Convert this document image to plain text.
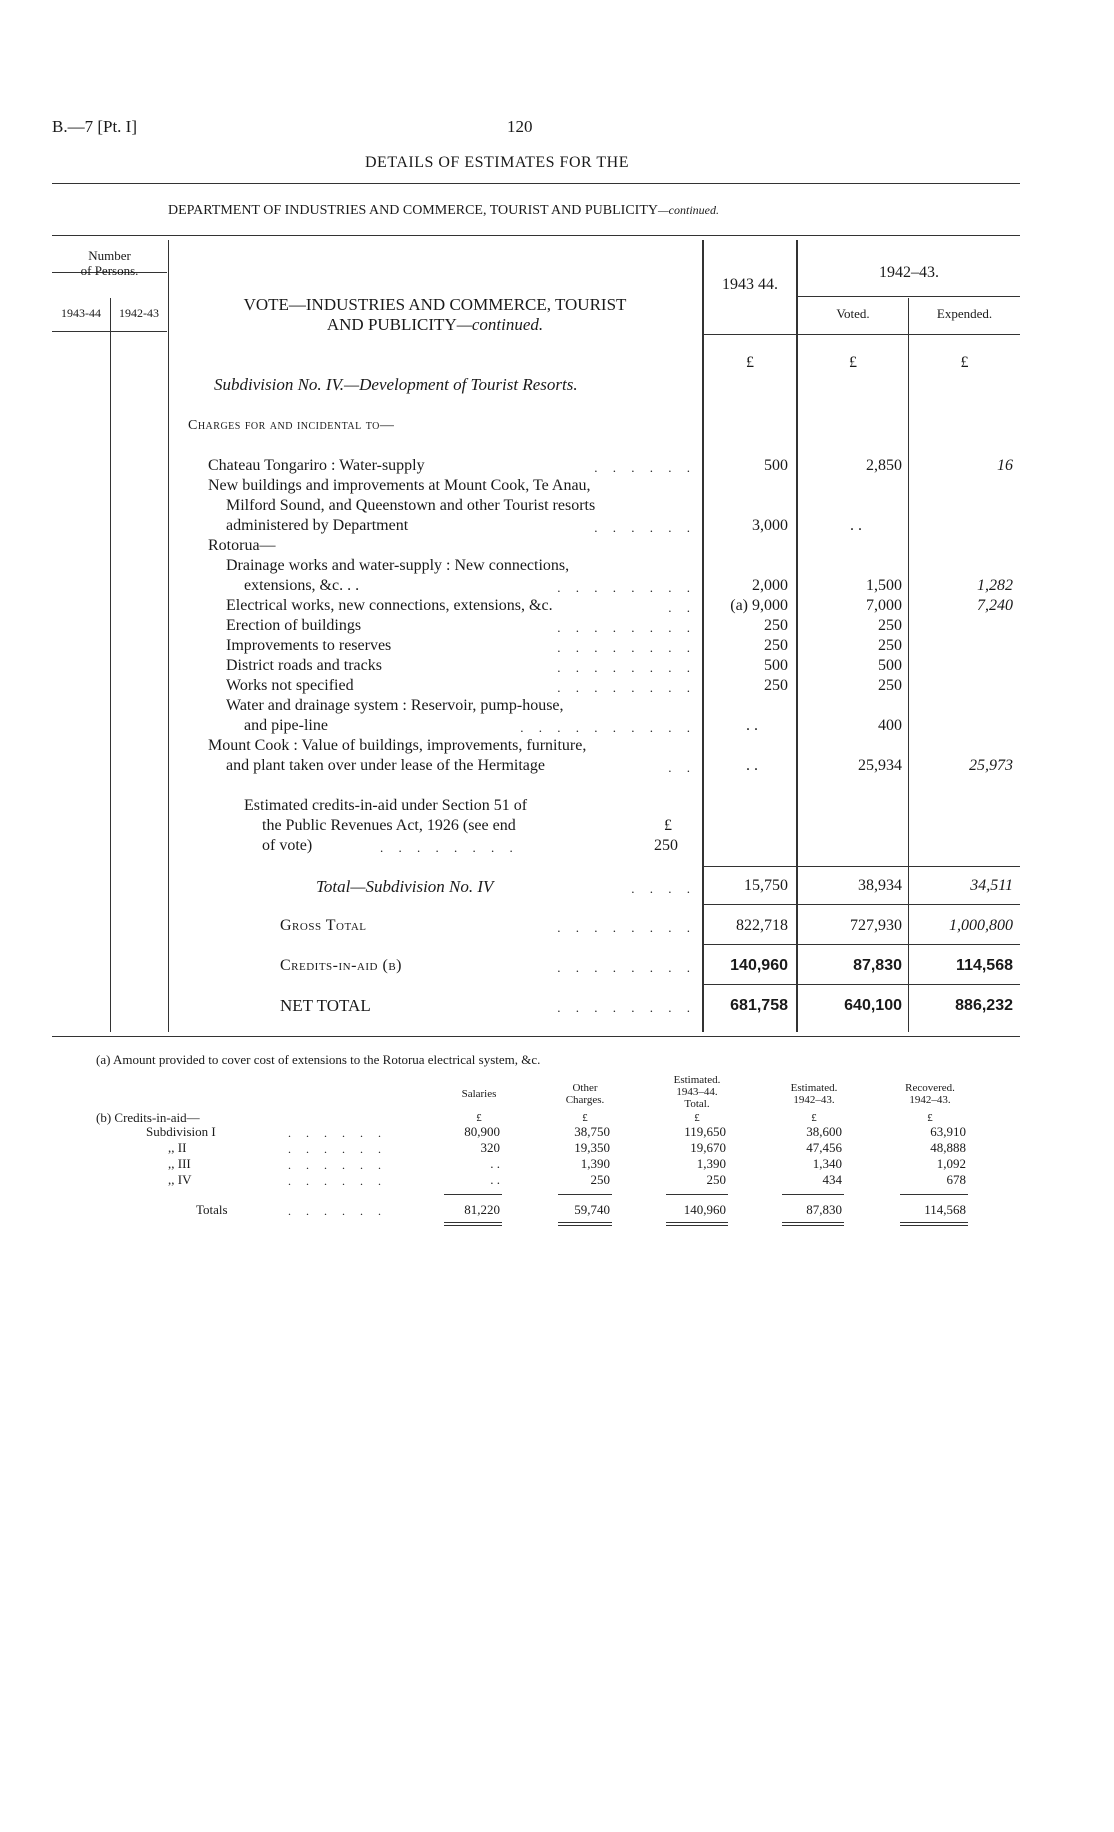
B.—7 [Pt. I]	120
DETAILS OF ESTIMATES FOR THE
DEPARTMENT OF INDUSTRIES AND COMMERCE, TOURIST AND PUBLICITY—continued.
Number
of Persons.
1943-44	1942-43	VOTE—INDUSTRIES AND COMMERCE, TOURIST
AND PUBLICITY—continued.
1943 44.
1942–43.
Voted.	Expended.
£	£	£
Subdivision No. IV.—Development of Tourist Resorts.
Charges for and incidental to—
Chateau Tongariro : Water-supply	. . . . . .	500	2,850	16
New buildings and improvements at Mount Cook, Te Anau,
Milford Sound, and Queenstown and other Tourist resorts
administered by Department	. . . . . .	3,000	. .
Rotorua—
Drainage works and water-supply : New connections,
extensions, &c. . .	. . . . . . . .	2,000	1,500	1,282
Electrical works, new connections, extensions, &c.	. .	(a) 9,000	7,000	7,240
Erection of buildings	. . . . . . . .	250	250
Improvements to reserves	. . . . . . . .	250	250
District roads and tracks	. . . . . . . .	500	500
Works not specified	. . . . . . . .	250	250
Water and drainage system : Reservoir, pump-house,
and pipe-line	. . . . . . . . . .	. .	400
Mount Cook : Value of buildings, improvements, furniture,
and plant taken over under lease of the Hermitage	. .	. .	25,934	25,973
Estimated credits-in-aid under Section 51 of
the Public Revenues Act, 1926 (see end
of vote)	. . . . . . . .
£
250
Total—Subdivision No. IV	. . . .	15,750	38,934	34,511
Gross Total	. . . . . . . .	822,718	727,930	1,000,800
Credits-in-aid (b)	. . . . . . . .	140,960	87,830	114,568
NET TOTAL	. . . . . . . .	681,758	640,100	886,232
(a) Amount provided to cover cost of extensions to the Rotorua electrical system, &c.
Salaries	Other
Charges.
Estimated.
1943–44.
Total.
Estimated.
1942–43.
Recovered.
1942–43.
(b) Credits-in-aid—	£	£	£	£	£
Subdivision I	. . . . . .	80,900	38,750	119,650	38,600	63,910
,, II	. . . . . .	320	19,350	19,670	47,456	48,888
,, III	. . . . . .	. .	1,390	1,390	1,340	1,092
,, IV	. . . . . .	. .	250	250	434	678
Totals	. . . . . .	81,220	59,740	140,960	87,830	114,568
